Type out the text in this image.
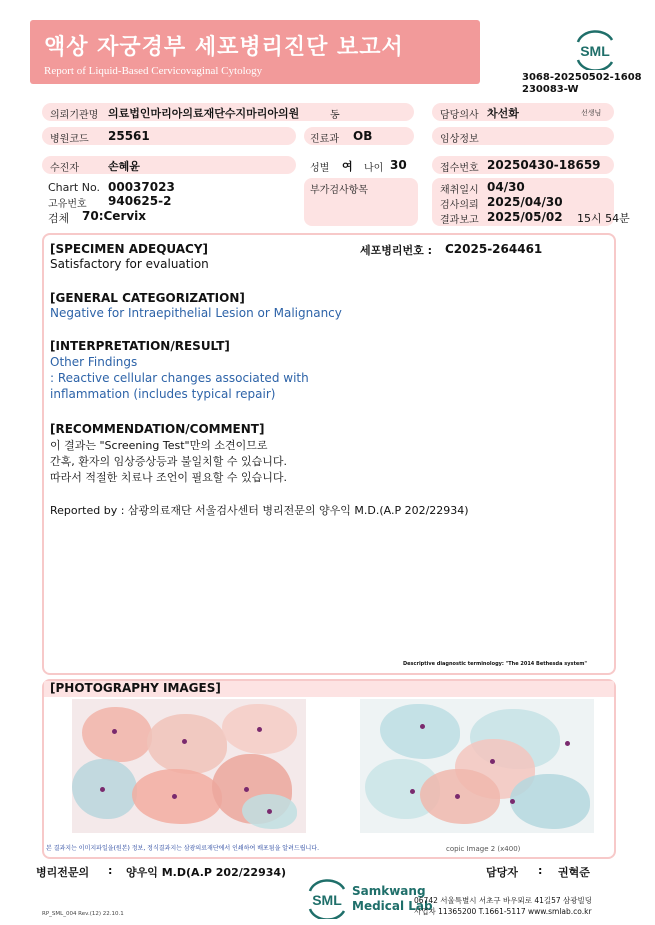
액상 자궁경부 세포병리진단 보고서
Report of Liquid-Based Cervicovaginal Cytology
SML
3068-20250502-1608
230083-W
의뢰기관명 의료법인마리아의료재단수지마리아의원	동	담당의사 차선화	선생님
병원코드 25561	진료과 OB	임상정보
수진자	손혜윤	성별 여 나이 30	접수번호 20250430-18659
Chart No. 00037023
고유번호 940625-2
검체 70:Cervix
부가검사항목	채취일시 04/30
검사의뢰 2025/04/30
결과보고 2025/05/02 15시 54분
[SPECIMEN ADEQUACY]
Satisfactory for evaluation
세포병리번호 : C2025-264461
[GENERAL CATEGORIZATION]
Negative for Intraepithelial Lesion or Malignancy
[INTERPRETATION/RESULT]
Other Findings
: Reactive cellular changes associated with
inflammation (includes typical repair)
[RECOMMENDATION/COMMENT]
이 결과는 "Screening Test"만의 소견이므로
간혹, 환자의 임상증상등과 불일치할 수 있습니다.
따라서 적절한 치료나 조언이 필요할 수 있습니다.
Reported by : 삼광의료재단 서울검사센터 병리전문의 양우익 M.D.(A.P 202/22934)
Descriptive diagnostic terminology: "The 2014 Bethesda system"
[PHOTOGRAPHY IMAGES]
본 결과지는 이미지파일을(원본) 정보, 정식결과지는 삼광의료재단에서 인쇄하여 배포됨을 알려드립니다.	copic Image 2 (x400)
병리전문의 : 양우익 M.D(A.P 202/22934)	담당자 : 권혁준
SML
Samkwang
Medical Lab
06742 서울특별시 서초구 바우뫼로 41길57 삼광빌딩
사업자 11365200 T.1661-5117 www.smlab.co.kr
RP_SML_004 Rev.(12) 22.10.1
